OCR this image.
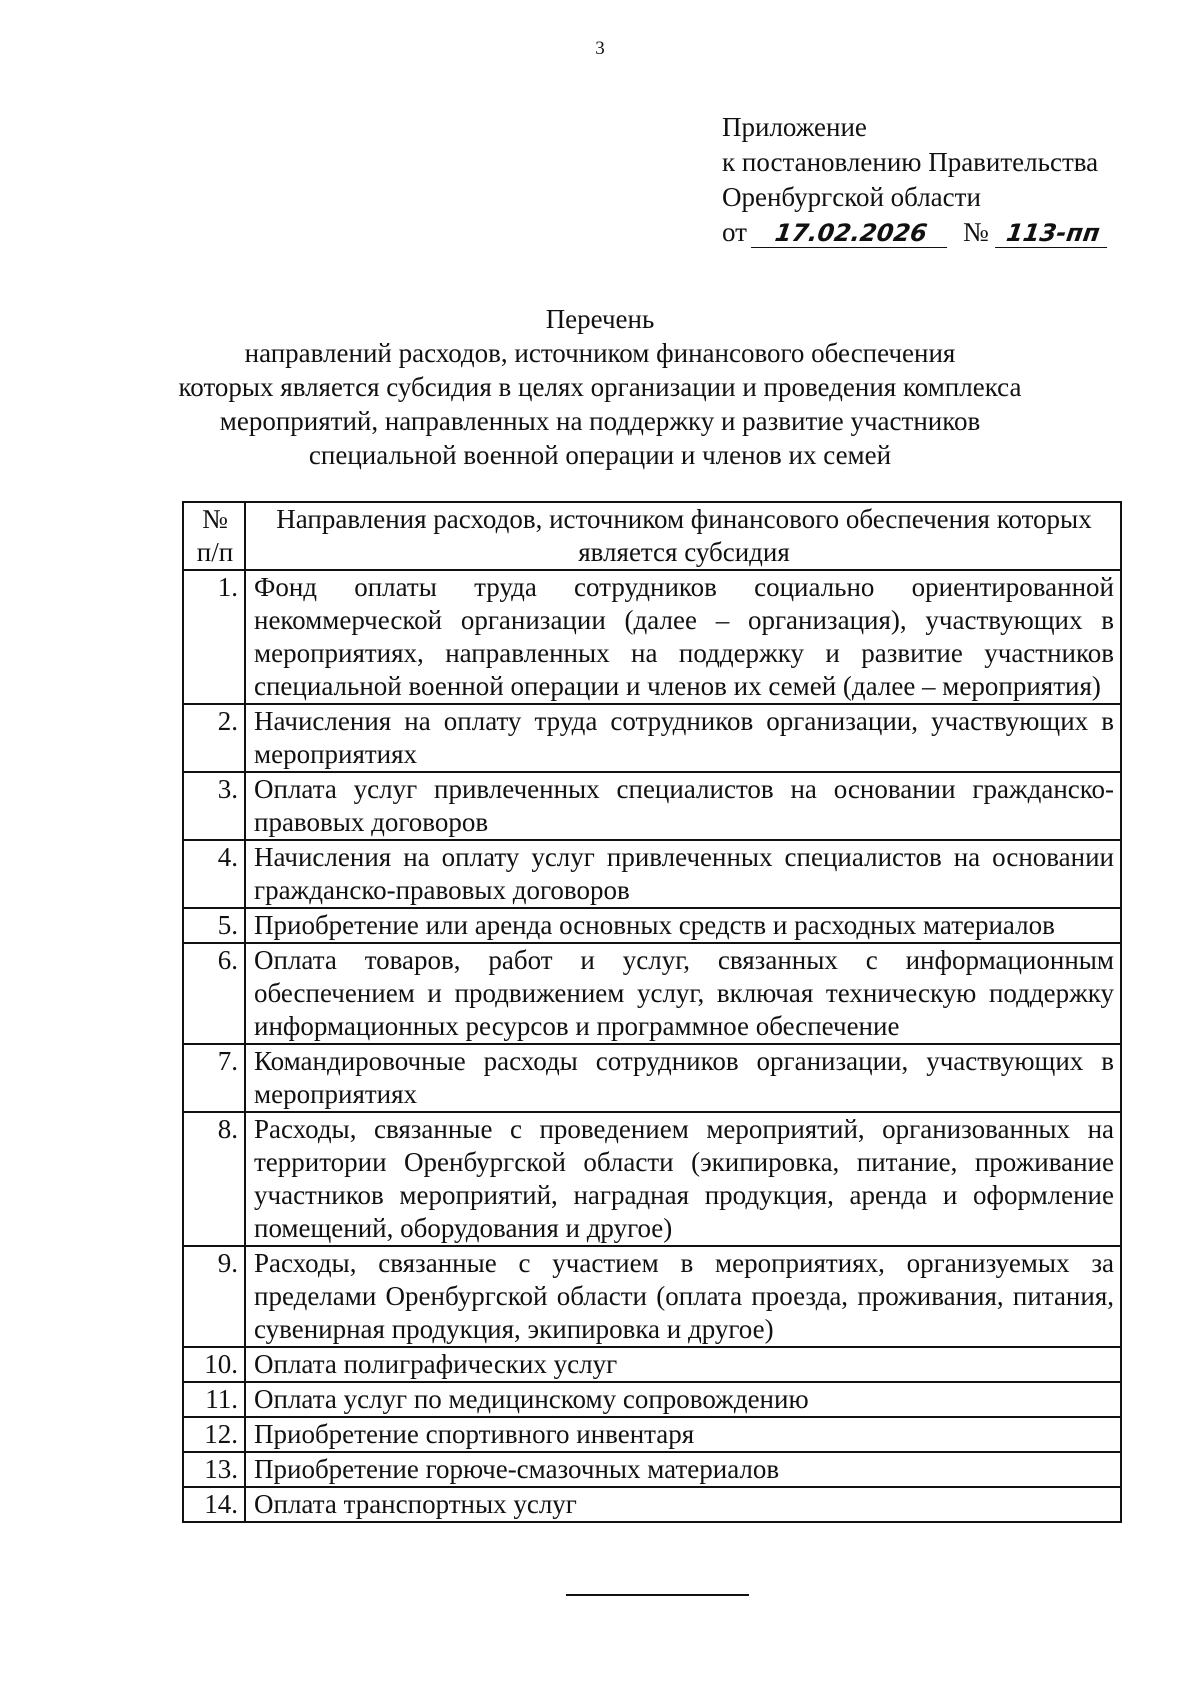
3
Приложение
к постановлению Правительства
Оренбургской области
от 17.02.2026 № 113-пп
Перечень
направлений расходов, источником финансового обеспечения
которых является субсидия в целях организации и проведения комплекса
мероприятий, направленных на поддержку и развитие участников
специальной военной операции и членов их семей
№ п/п	Направления расходов, источником финансового обеспечения которых является субсидия
1.	Фонд оплаты труда сотрудников социально ориентированной некоммерческой организации (далее – организация), участвующих в мероприятиях, направленных на поддержку и развитие участников специальной военной операции и членов их семей (далее – мероприятия)
2.	Начисления на оплату труда сотрудников организации, участвующих в мероприятиях
3.	Оплата услуг привлеченных специалистов на основании гражданско-правовых договоров
4.	Начисления на оплату услуг привлеченных специалистов на основании гражданско-правовых договоров
5.	Приобретение или аренда основных средств и расходных материалов
6.	Оплата товаров, работ и услуг, связанных с информационным обеспечением и продвижением услуг, включая техническую поддержку информационных ресурсов и программное обеспечение
7.	Командировочные расходы сотрудников организации, участвующих в мероприятиях
8.	Расходы, связанные с проведением мероприятий, организованных на территории Оренбургской области (экипировка, питание, проживание участников мероприятий, наградная продукция, аренда и оформление помещений, оборудования и другое)
9.	Расходы, связанные с участием в мероприятиях, организуемых за пределами Оренбургской области (оплата проезда, проживания, питания, сувенирная продукция, экипировка и другое)
10.	Оплата полиграфических услуг
11.	Оплата услуг по медицинскому сопровождению
12.	Приобретение спортивного инвентаря
13.	Приобретение горюче-смазочных материалов
14.	Оплата транспортных услуг
